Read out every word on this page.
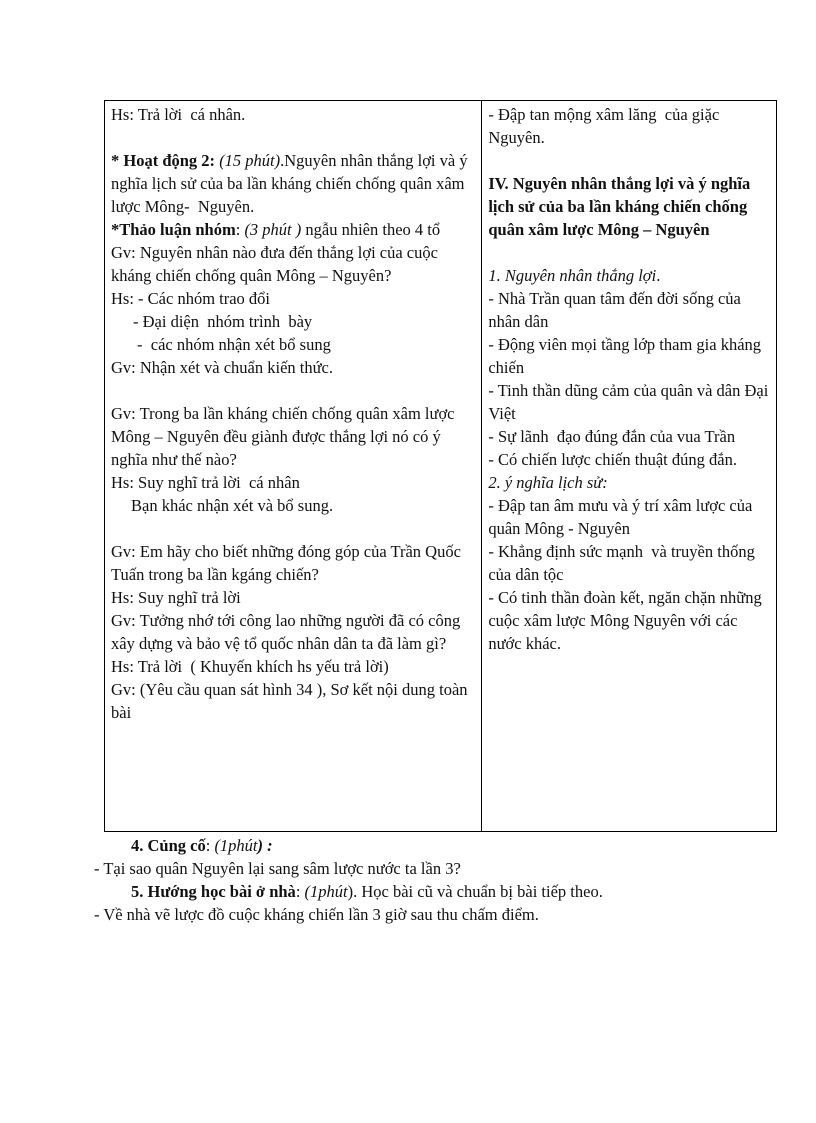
Hs: Trả lời  cá nhân.
* Hoạt động 2: (15 phút).Nguyên nhân thắng lợi và ý nghĩa lịch sử của ba lần kháng chiến chống quân xâm lược Mông-  Nguyên.
*Thảo luận nhóm: (3 phút ) ngẫu nhiên theo 4 tổ
Gv: Nguyên nhân nào đưa đến thắng lợi của cuộc kháng chiến chống quân Mông – Nguyên?
Hs: - Các nhóm trao đổi
- Đại diện  nhóm trình  bày
-  các nhóm nhận xét bổ sung
Gv: Nhận xét và chuẩn kiến thức.
Gv: Trong ba lần kháng chiến chống quân xâm lược Mông – Nguyên đều giành được thắng lợi nó có ý nghĩa như thế nào?
Hs: Suy nghĩ trả lời  cá nhân
Bạn khác nhận xét và bổ sung.
Gv: Em hãy cho biết những đóng góp của Trần Quốc Tuấn trong ba lần kgáng chiến?
Hs: Suy nghĩ trả lời
Gv: Tưởng nhớ tới công lao những người đã có công xây dựng và bảo vệ tổ quốc nhân dân ta đã làm gì?
Hs: Trả lời  ( Khuyến khích hs yếu trả lời)
Gv: (Yêu cầu quan sát hình 34 ), Sơ kết nội dung toàn bài

- Đập tan mộng xâm lăng  của giặc Nguyên.
IV. Nguyên nhân thắng lợi và ý nghĩa lịch sử của ba lần kháng chiến chống quân xâm lược Mông – Nguyên
1. Nguyên nhân thắng lợi.
- Nhà Trần quan tâm đến đời sống của nhân dân
- Động viên mọi tầng lớp tham gia kháng  chiến
- Tinh thần dũng cảm của quân và dân Đại Việt
- Sự lãnh  đạo đúng đắn của vua Trần
- Có chiến lược chiến thuật đúng đắn.
2. ý nghĩa lịch sử:
- Đập tan âm mưu và ý trí xâm lược của quân Mông - Nguyên
- Khẳng định sức mạnh  và truyền thống của dân tộc
- Có tinh thần đoàn kết, ngăn chặn những cuộc xâm lược Mông Nguyên với các nước khác.
4. Củng cố: (1phút) :
- Tại sao quân Nguyên lại sang sâm lược nước ta lần 3?
5. Hướng học bài ở nhà: (1phút). Học bài cũ và chuẩn bị bài tiếp theo.
- Về nhà vẽ lược đồ cuộc kháng chiến lần 3 giờ sau thu chấm điểm.
